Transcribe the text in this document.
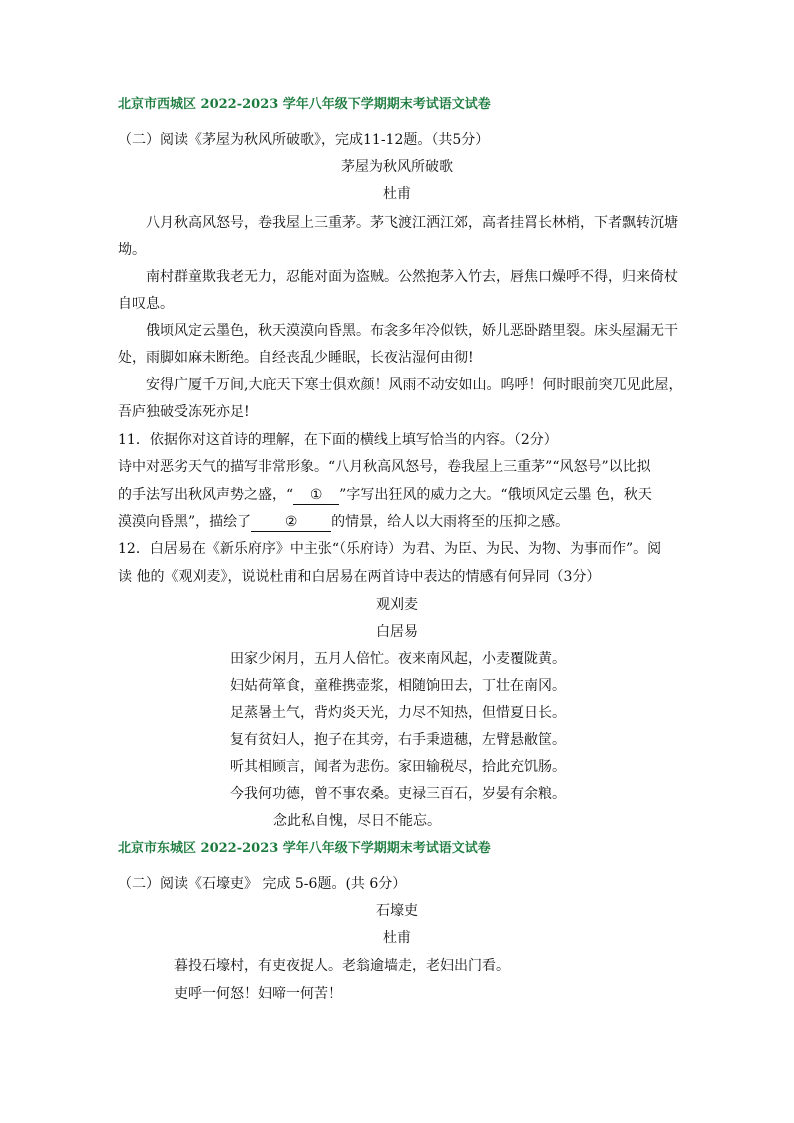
北京市西城区 2022-2023 学年八年级下学期期末考试语文试卷
（二）阅读《茅屋为秋风所破歌》，完成11-12题。（共5分）
茅屋为秋风所破歌
杜甫
八月秋高风怒号，卷我屋上三重茅。茅飞渡江洒江郊，高者挂罥长林梢，下者飘转沉塘
坳。
南村群童欺我老无力，忍能对面为盗贼。公然抱茅入竹去，唇焦口燥呼不得，归来倚杖
自叹息。
俄顷风定云墨色，秋天漠漠向昏黑。布衾多年冷似铁，娇儿恶卧踏里裂。床头屋漏无干
处，雨脚如麻未断绝。自经丧乱少睡眠，长夜沾湿何由彻!
安得广厦千万间,大庇天下寒士俱欢颜！风雨不动安如山。呜呼！何时眼前突兀见此屋，
吾庐独破受冻死亦足!
11．依据你对这首诗的理解，在下面的横线上填写恰当的内容。（2分）
诗中对恶劣天气的描写非常形象。“八月秋高风怒号，卷我屋上三重茅”“风怒号”以比拟
的手法写出秋风声势之盛，“ ① ”字写出狂风的威力之大。“俄顷风定云墨 色，秋天
漠漠向昏黑”，描绘了 ② 的情景，给人以大雨将至的压抑之感。
12．白居易在《新乐府序》中主张“（乐府诗）为君、为臣、为民、为物、为事而作”。阅
读 他的《观刈麦》，说说杜甫和白居易在两首诗中表达的情感有何异同（3分）
观刈麦
白居易
田家少闲月，五月人倍忙。夜来南风起，小麦覆陇黄。
妇姑荷箪食，童稚携壶浆，相随饷田去，丁壮在南冈。
足蒸暑土气，背灼炎天光，力尽不知热，但惜夏日长。
复有贫妇人，抱子在其旁，右手秉遗穗，左臂悬敝筐。
听其相顾言，闻者为悲伤。家田输税尽，拾此充饥肠。
今我何功德，曾不事农桑。吏禄三百石，岁晏有余粮。
念此私自愧，尽日不能忘。
北京市东城区 2022-2023 学年八年级下学期期末考试语文试卷
（二）阅读《石壕吏》 完成 5-6题。(共 6分）
石壕吏
杜甫
暮投石壕村，有吏夜捉人。老翁逾墙走，老妇出门看。
吏呼一何怒！妇啼一何苦！
